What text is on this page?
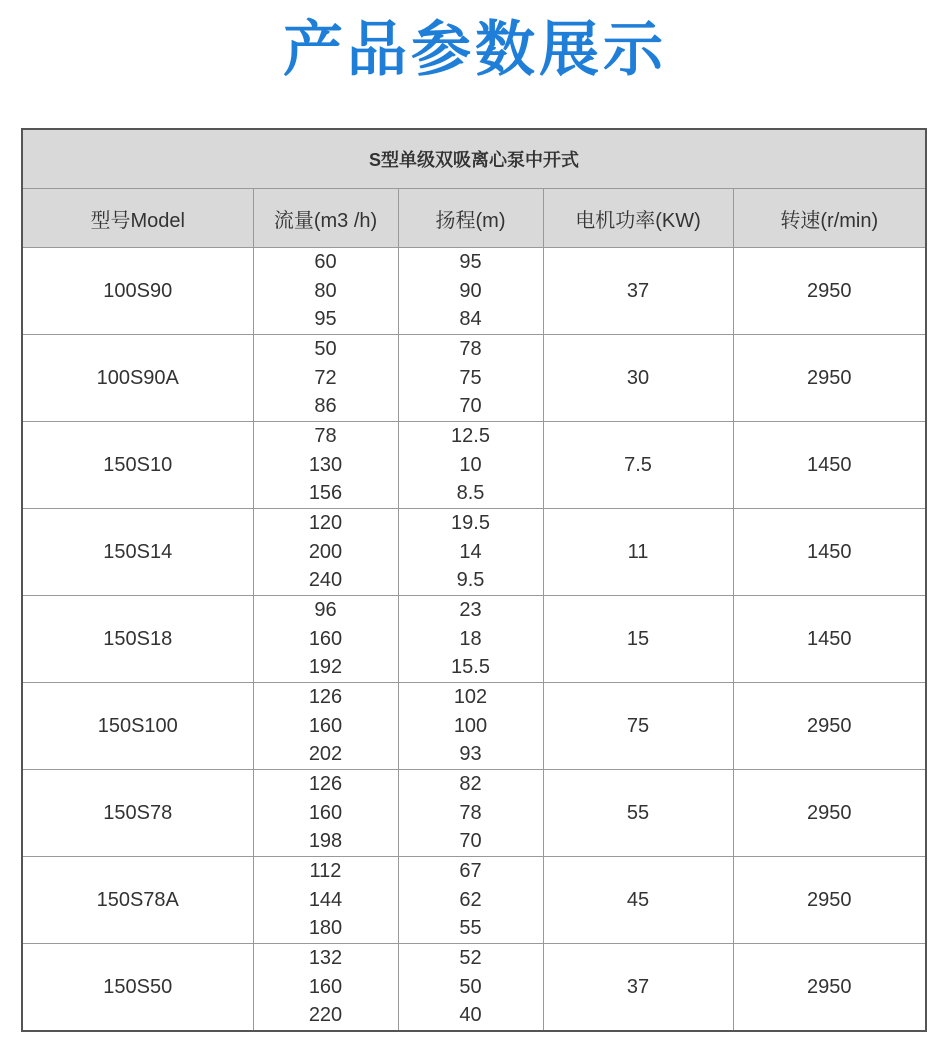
产品参数展示
S型单级双吸离心泵中开式				
型号Model	流量(m3 /h)	扬程(m)	电机功率(KW)	转速(r/min)
100S90	60
80
95	95
90
84	37	2950
100S90A	50
72
86	78
75
70	30	2950
150S10	78
130
156	12.5
10
8.5	7.5	1450
150S14	120
200
240	19.5
14
9.5	11	1450
150S18	96
160
192	23
18
15.5	15	1450
150S100	126
160
202	102
100
93	75	2950
150S78	126
160
198	82
78
70	55	2950
150S78A	112
144
180	67
62
55	45	2950
150S50	132
160
220	52
50
40	37	2950
